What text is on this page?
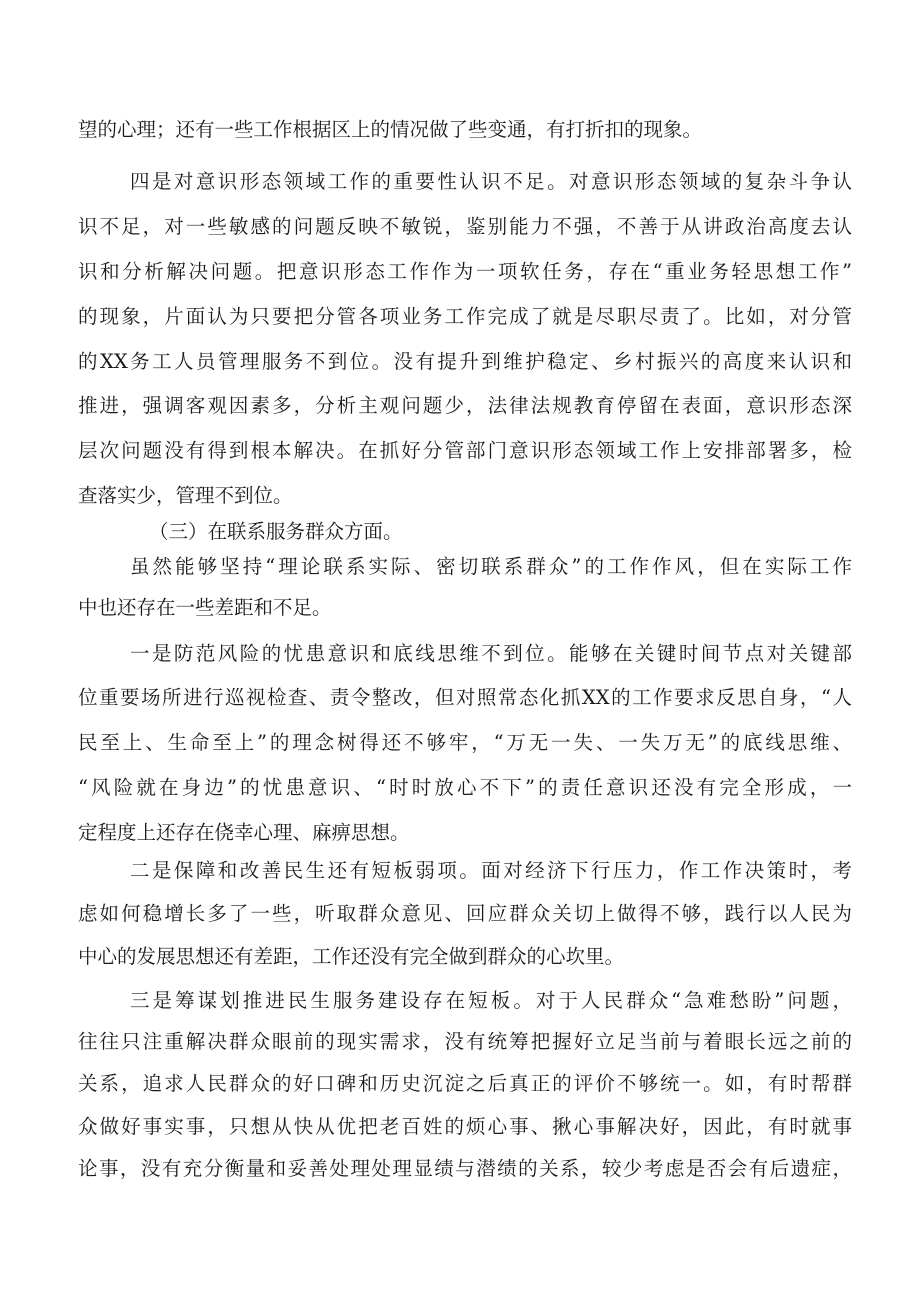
望的心理；还有一些工作根据区上的情况做了些变通，有打折扣的现象。

四是对意识形态领域工作的重要性认识不足。对意识形态领域的复杂斗争认

识不足，对一些敏感的问题反映不敏锐，鉴别能力不强，不善于从讲政治高度去认

识和分析解决问题。把意识形态工作作为一项软任务，存在“重业务轻思想工作”

的现象，片面认为只要把分管各项业务工作完成了就是尽职尽责了。比如，对分管

的XX务工人员管理服务不到位。没有提升到维护稳定、乡村振兴的高度来认识和

推进，强调客观因素多，分析主观问题少，法律法规教育停留在表面，意识形态深

层次问题没有得到根本解决。在抓好分管部门意识形态领域工作上安排部署多，检

查落实少，管理不到位。

（三）在联系服务群众方面。

虽然能够坚持“理论联系实际、密切联系群众”的工作作风，但在实际工作

中也还存在一些差距和不足。

一是防范风险的忧患意识和底线思维不到位。能够在关键时间节点对关键部

位重要场所进行巡视检查、责令整改，但对照常态化抓XX的工作要求反思自身，“人

民至上、生命至上”的理念树得还不够牢，“万无一失、一失万无”的底线思维、

“风险就在身边”的忧患意识、“时时放心不下”的责任意识还没有完全形成，一

定程度上还存在侥幸心理、麻痹思想。

二是保障和改善民生还有短板弱项。面对经济下行压力，作工作决策时，考

虑如何稳增长多了一些，听取群众意见、回应群众关切上做得不够，践行以人民为

中心的发展思想还有差距，工作还没有完全做到群众的心坎里。

三是筹谋划推进民生服务建设存在短板。对于人民群众“急难愁盼”问题，

往往只注重解决群众眼前的现实需求，没有统筹把握好立足当前与着眼长远之前的

关系，追求人民群众的好口碑和历史沉淀之后真正的评价不够统一。如，有时帮群

众做好事实事，只想从快从优把老百姓的烦心事、揪心事解决好，因此，有时就事

论事，没有充分衡量和妥善处理处理显绩与潜绩的关系，较少考虑是否会有后遗症，
